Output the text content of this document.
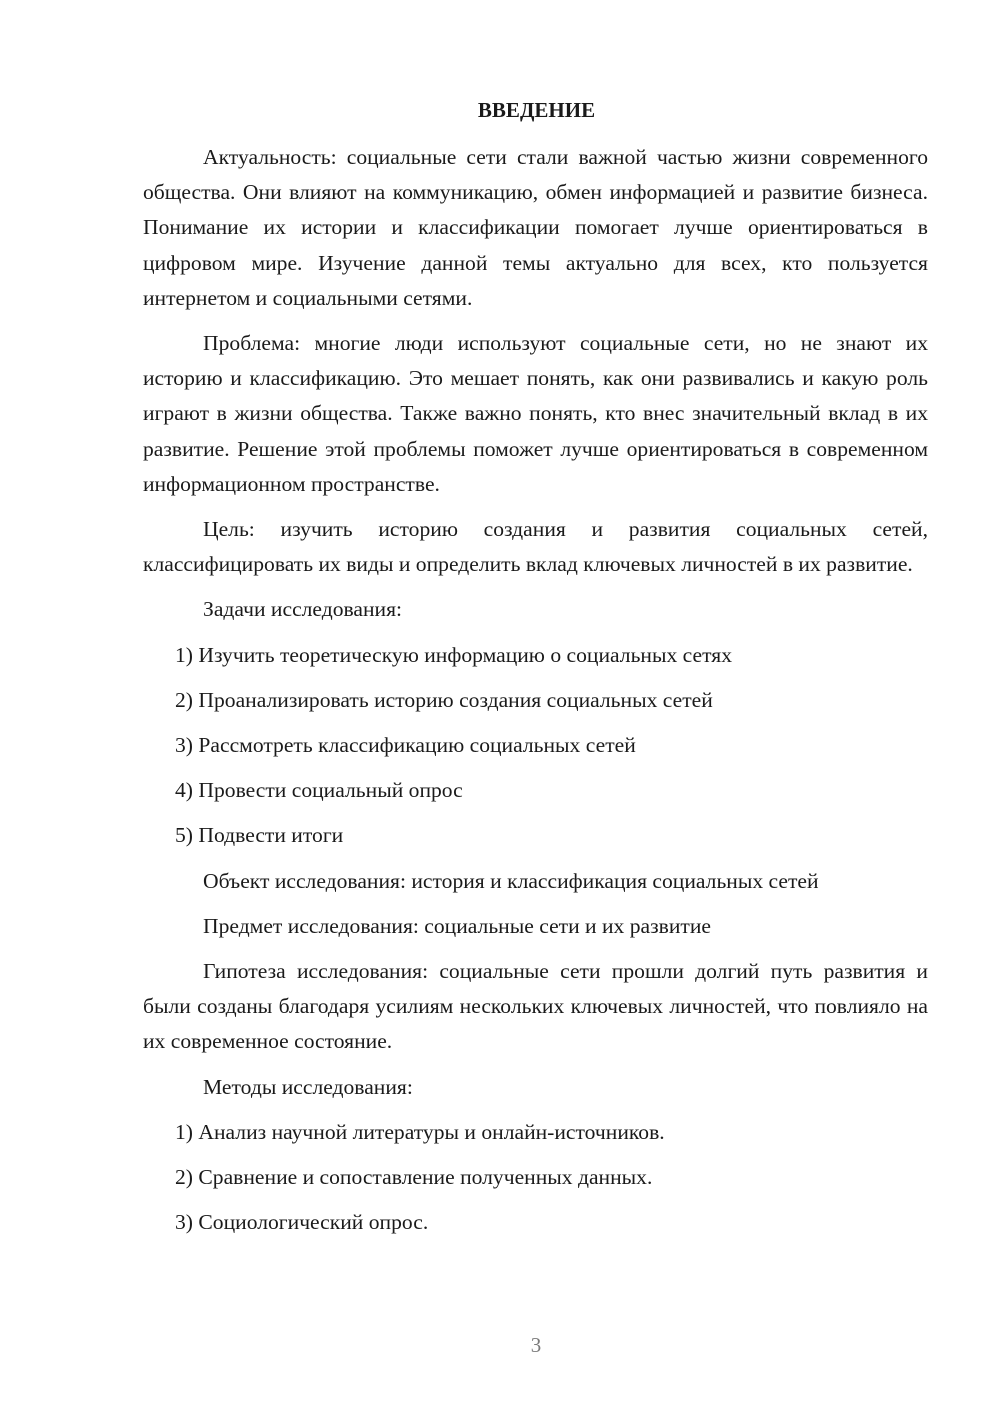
ВВЕДЕНИЕ

Актуальность: социальные сети стали важной частью жизни современного общества. Они влияют на коммуникацию, обмен информацией и развитие бизнеса. Понимание их истории и классификации помогает лучше ориентироваться в цифровом мире. Изучение данной темы актуально для всех, кто пользуется интернетом и социальными сетями.

Проблема: многие люди используют социальные сети, но не знают их историю и классификацию. Это мешает понять, как они развивались и какую роль играют в жизни общества. Также важно понять, кто внес значительный вклад в их развитие. Решение этой проблемы поможет лучше ориентироваться в современном информационном пространстве.

Цель: изучить историю создания и развития социальных сетей, классифицировать их виды и определить вклад ключевых личностей в их развитие.

Задачи исследования:

1) Изучить теоретическую информацию о социальных сетях

2) Проанализировать историю создания социальных сетей

3) Рассмотреть классификацию социальных сетей

4) Провести социальный опрос

5) Подвести итоги

Объект исследования: история и классификация социальных сетей

Предмет исследования: социальные сети и их развитие

Гипотеза исследования: социальные сети прошли долгий путь развития и были созданы благодаря усилиям нескольких ключевых личностей, что повлияло на их современное состояние.

Методы исследования:

1) Анализ научной литературы и онлайн-источников.

2) Сравнение и сопоставление полученных данных.

3) Социологический опрос.

3
